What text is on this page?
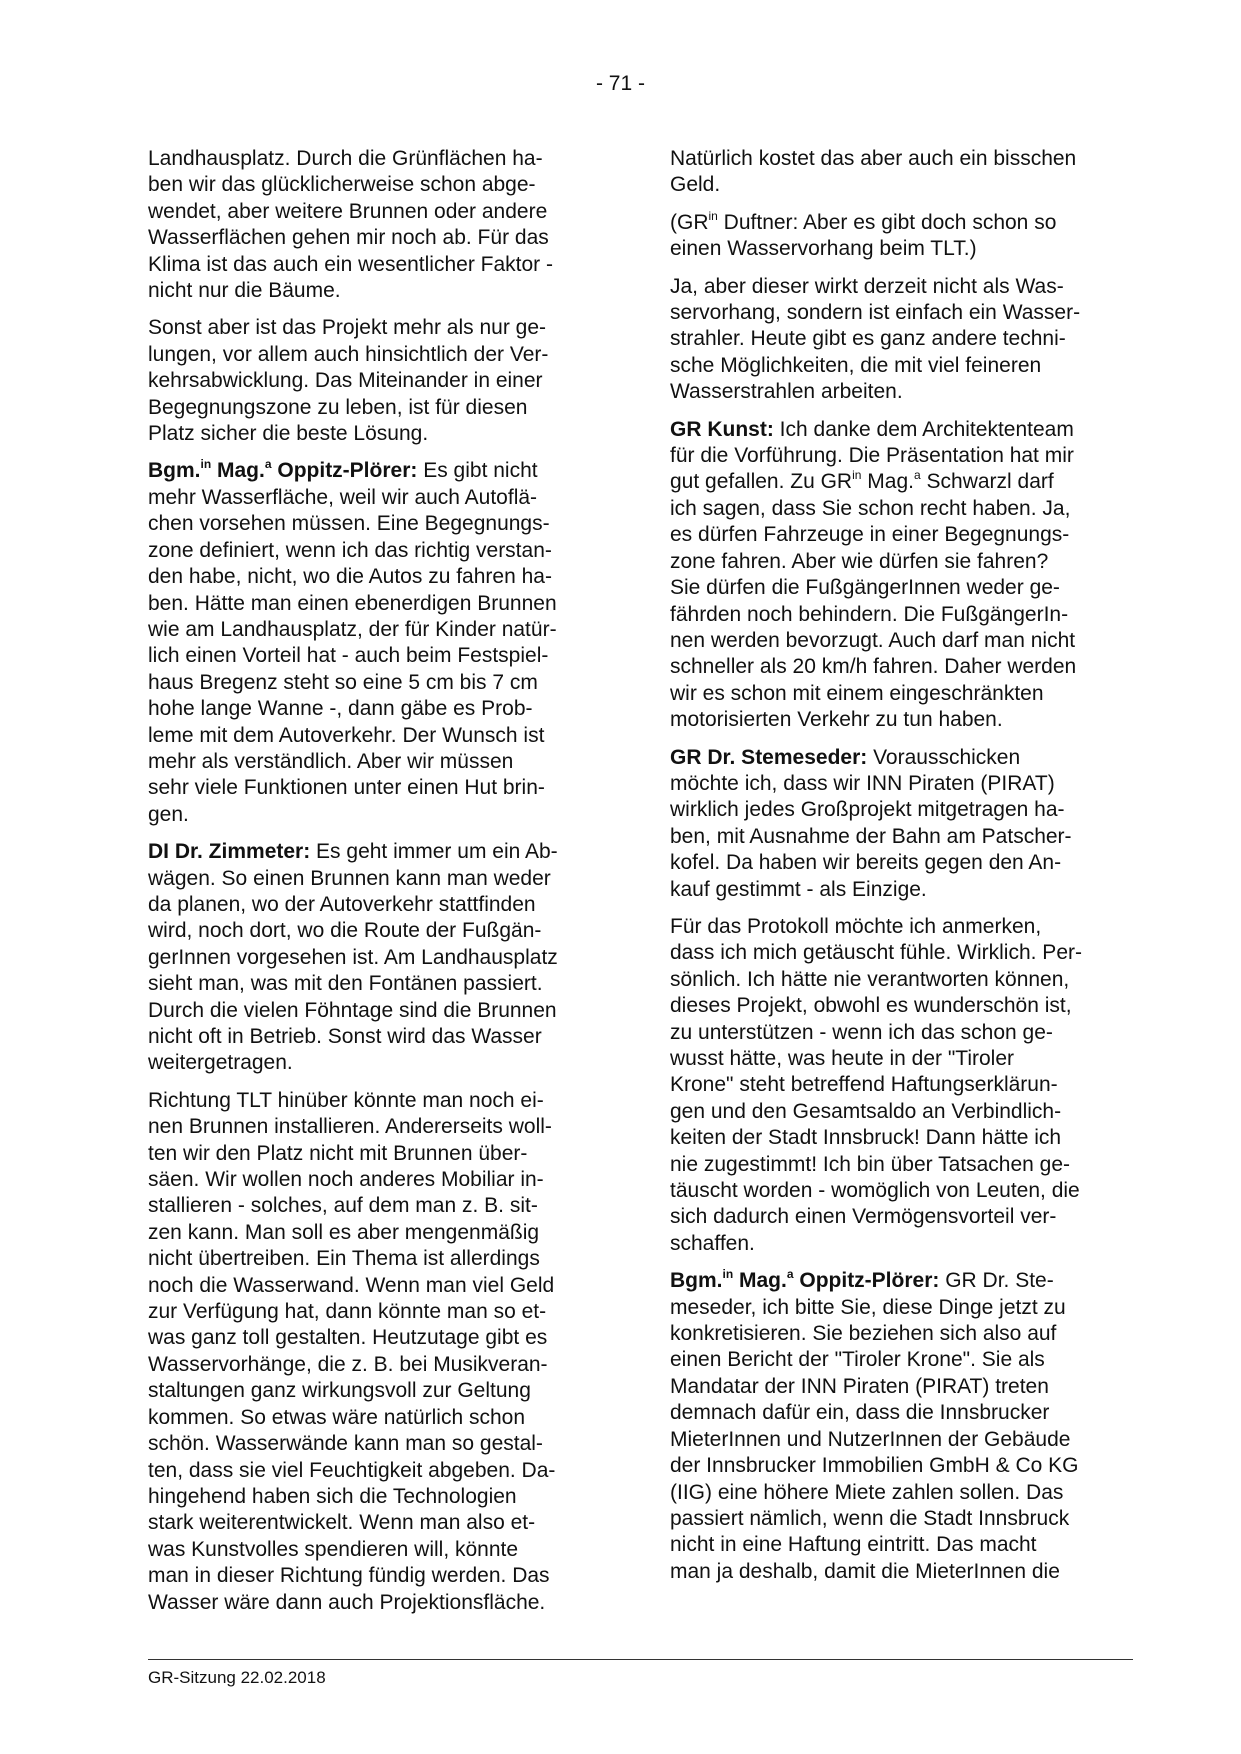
- 71 -

Landhausplatz. Durch die Grünflächen ha-
ben wir das glücklicherweise schon abge-
wendet, aber weitere Brunnen oder andere
Wasserflächen gehen mir noch ab. Für das
Klima ist das auch ein wesentlicher Faktor -
nicht nur die Bäume.

Sonst aber ist das Projekt mehr als nur ge-
lungen, vor allem auch hinsichtlich der Ver-
kehrsabwicklung. Das Miteinander in einer
Begegnungszone zu leben, ist für diesen
Platz sicher die beste Lösung.

Bgm.$^{in}$ Mag.$^a$ Oppitz-Plörer: Es gibt nicht
mehr Wasserfläche, weil wir auch Autoflä-
chen vorsehen müssen. Eine Begegnungs-
zone definiert, wenn ich das richtig verstan-
den habe, nicht, wo die Autos zu fahren ha-
ben. Hätte man einen ebenerdigen Brunnen
wie am Landhausplatz, der für Kinder natür-
lich einen Vorteil hat - auch beim Festspiel-
haus Bregenz steht so eine 5 cm bis 7 cm
hohe lange Wanne -, dann gäbe es Prob-
leme mit dem Autoverkehr. Der Wunsch ist
mehr als verständlich. Aber wir müssen
sehr viele Funktionen unter einen Hut brin-
gen.

DI Dr. Zimmeter: Es geht immer um ein Ab-
wägen. So einen Brunnen kann man weder
da planen, wo der Autoverkehr stattfinden
wird, noch dort, wo die Route der Fußgän-
gerInnen vorgesehen ist. Am Landhausplatz
sieht man, was mit den Fontänen passiert.
Durch die vielen Föhntage sind die Brunnen
nicht oft in Betrieb. Sonst wird das Wasser
weitergetragen.

Richtung TLT hinüber könnte man noch ei-
nen Brunnen installieren. Andererseits woll-
ten wir den Platz nicht mit Brunnen über-
säen. Wir wollen noch anderes Mobiliar in-
stallieren - solches, auf dem man z. B. sit-
zen kann. Man soll es aber mengenmäßig
nicht übertreiben. Ein Thema ist allerdings
noch die Wasserwand. Wenn man viel Geld
zur Verfügung hat, dann könnte man so et-
was ganz toll gestalten. Heutzutage gibt es
Wasservorhänge, die z. B. bei Musikveran-
staltungen ganz wirkungsvoll zur Geltung
kommen. So etwas wäre natürlich schon
schön. Wasserwände kann man so gestal-
ten, dass sie viel Feuchtigkeit abgeben. Da-
hingehend haben sich die Technologien
stark weiterentwickelt. Wenn man also et-
was Kunstvolles spendieren will, könnte
man in dieser Richtung fündig werden. Das
Wasser wäre dann auch Projektionsfläche.

Natürlich kostet das aber auch ein bisschen
Geld.

($GR^{in}$ Duftner: Aber es gibt doch schon so
einen Wasservorhang beim TLT.)

Ja, aber dieser wirkt derzeit nicht als Was-
servorhang, sondern ist einfach ein Wasser-
strahler. Heute gibt es ganz andere techni-
sche Möglichkeiten, die mit viel feineren
Wasserstrahlen arbeiten.

GR Kunst: Ich danke dem Architektenteam
für die Vorführung. Die Präsentation hat mir
gut gefallen. Zu $GR^{in}$ Mag.$^a$ Schwarzl darf
ich sagen, dass Sie schon recht haben. Ja,
es dürfen Fahrzeuge in einer Begegnungs-
zone fahren. Aber wie dürfen sie fahren?
Sie dürfen die FußgängerInnen weder ge-
fährden noch behindern. Die FußgängerIn-
nen werden bevorzugt. Auch darf man nicht
schneller als 20 km/h fahren. Daher werden
wir es schon mit einem eingeschränkten
motorisierten Verkehr zu tun haben.

GR Dr. Stemeseder: Vorausschicken
möchte ich, dass wir INN Piraten (PIRAT)
wirklich jedes Großprojekt mitgetragen ha-
ben, mit Ausnahme der Bahn am Patscher-
kofel. Da haben wir bereits gegen den An-
kauf gestimmt - als Einzige.

Für das Protokoll möchte ich anmerken,
dass ich mich getäuscht fühle. Wirklich. Per-
sönlich. Ich hätte nie verantworten können,
dieses Projekt, obwohl es wunderschön ist,
zu unterstützen - wenn ich das schon ge-
wusst hätte, was heute in der "Tiroler
Krone" steht betreffend Haftungserklärun-
gen und den Gesamtsaldo an Verbindlich-
keiten der Stadt Innsbruck! Dann hätte ich
nie zugestimmt! Ich bin über Tatsachen ge-
täuscht worden - womöglich von Leuten, die
sich dadurch einen Vermögensvorteil ver-
schaffen.

Bgm.$^{in}$ Mag.$^a$ Oppitz-Plörer: GR Dr. Ste-
meseder, ich bitte Sie, diese Dinge jetzt zu
konkretisieren. Sie beziehen sich also auf
einen Bericht der "Tiroler Krone". Sie als
Mandatar der INN Piraten (PIRAT) treten
demnach dafür ein, dass die Innsbrucker
MieterInnen und NutzerInnen der Gebäude
der Innsbrucker Immobilien GmbH & Co KG
(IIG) eine höhere Miete zahlen sollen. Das
passiert nämlich, wenn die Stadt Innsbruck
nicht in eine Haftung eintritt. Das macht
man ja deshalb, damit die MieterInnen die

GR-Sitzung 22.02.2018
